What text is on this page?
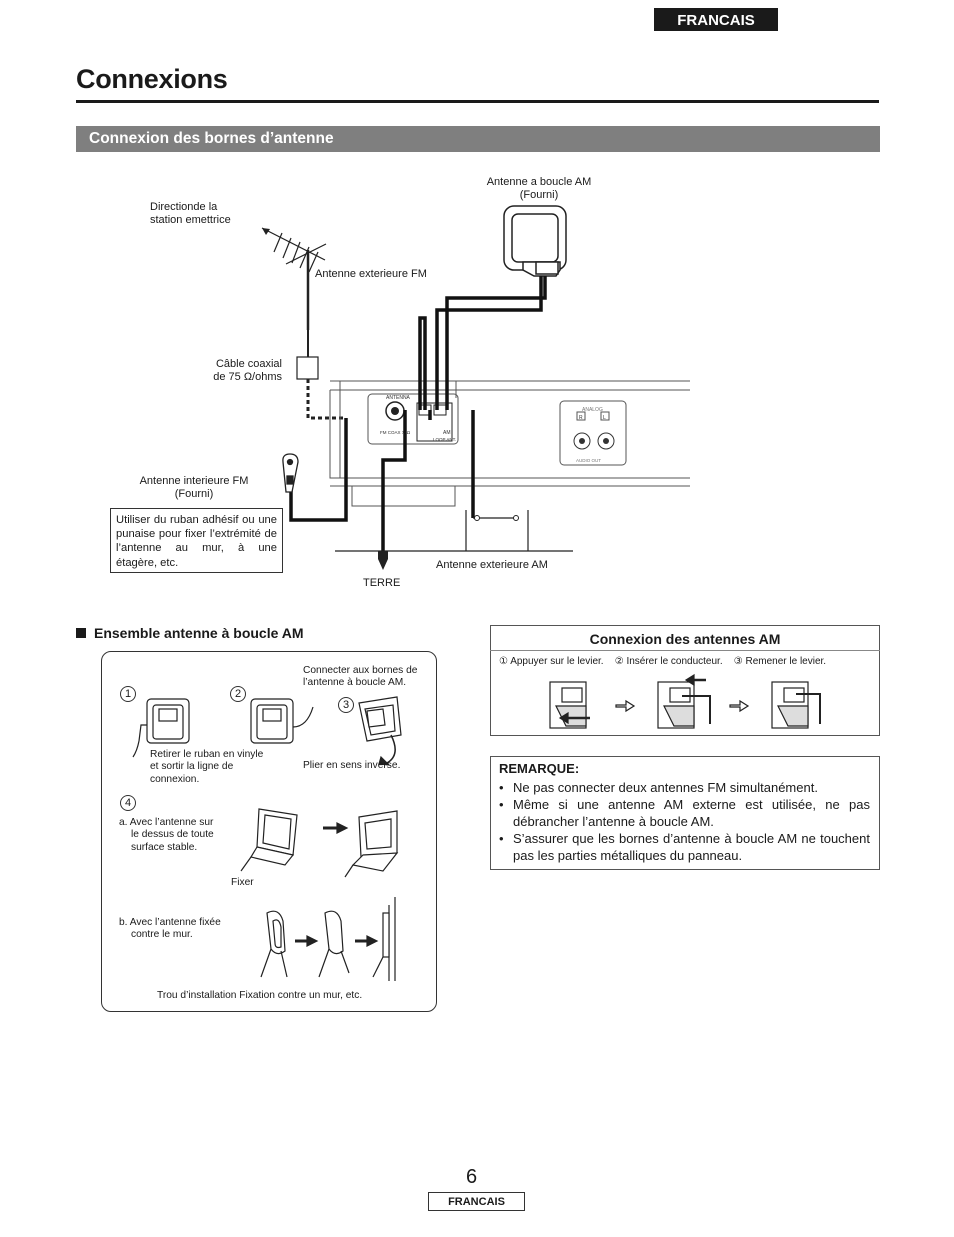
FRANCAIS
Connexions
Connexion des bornes d’antenne
ANTENNA
FM COAX 75Ω	AM
LOOP ANT.
ANALOG
R	L
AUDIO OUT
Directionde la
station emettrice
Antenne a boucle AM
(Fourni)
Antenne exterieure FM
Câble coaxial
de 75 Ω/ohms
Antenne interieure FM
(Fourni)
Utiliser du ruban adhésif ou une punaise pour fixer l’extrémité de l’antenne au mur, à une étagère, etc.
TERRE
Antenne exterieure AM
Ensemble antenne à boucle AM
1	2
3
4
Connecter aux bornes de
l’antenne à boucle AM.
Retirer le ruban en vinyle
et sortir la ligne de
connexion.
Plier en sens inverse.
a. Avec l’antenne sur
le dessus de toute
surface stable.
Fixer
b. Avec l’antenne fixée
contre le mur.
Trou d’installation Fixation contre un mur, etc.
Connexion des antennes AM
① Appuyer sur le levier. ② Insérer le conducteur. ③ Remener le levier.
REMARQUE:
• Ne pas connecter deux antennes FM simultanément.
• Même si une antenne AM externe est utilisée, ne pas débrancher l’antenne à boucle AM.
• S’assurer que les bornes d’antenne à boucle AM ne touchent pas les parties métalliques du panneau.
6
FRANCAIS
